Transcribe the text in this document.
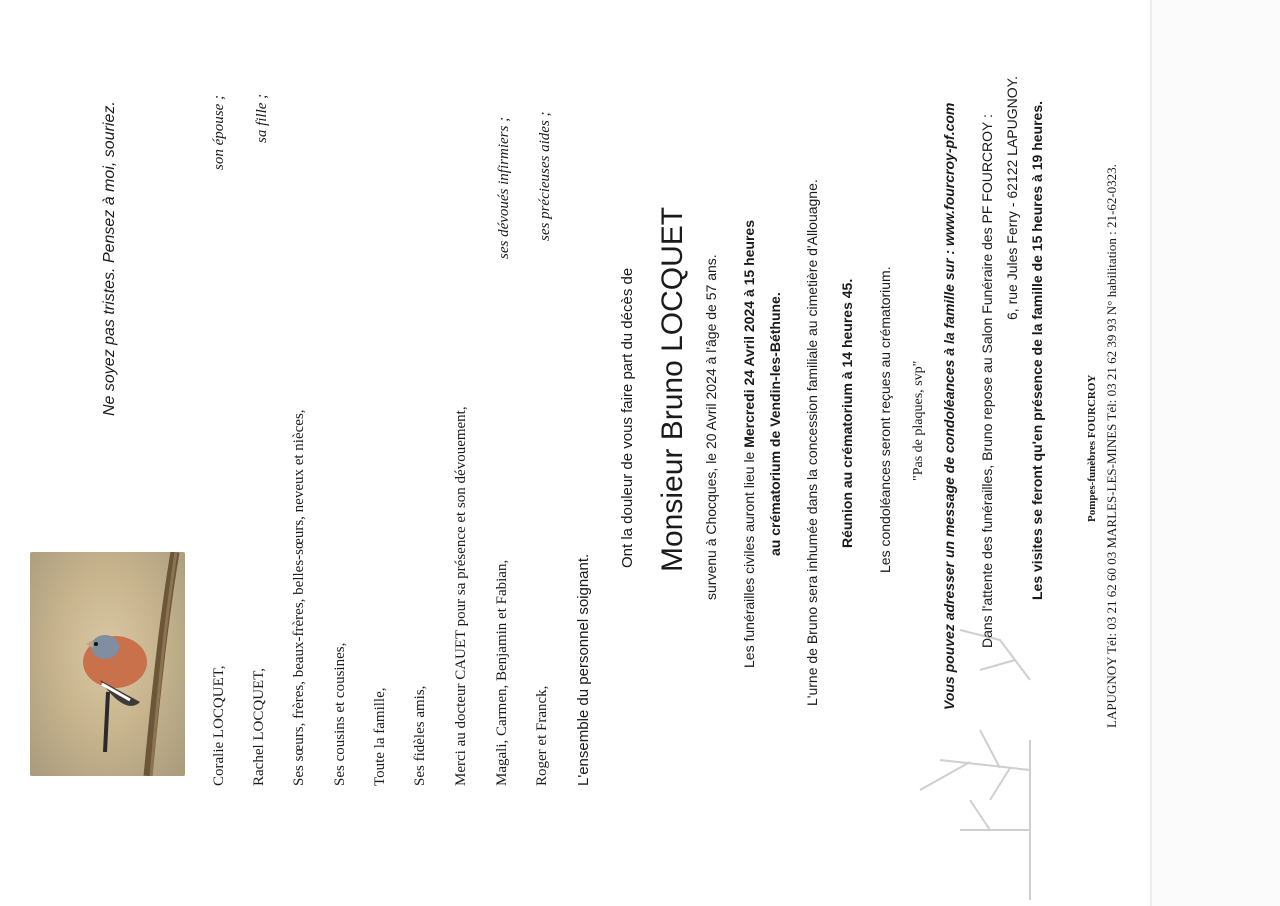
Ne soyez pas tristes. Pensez à moi, souriez.
Coralie LOCQUET,
son épouse ;
Rachel LOCQUET,
sa fille ;
Ses sœurs, frères, beaux-frères, belles-sœurs, neveux et nièces, Ses cousins et cousines, Toute la famille, Ses fidèles amis, Merci au docteur CAUET pour sa présence et son dévouement, Magali, Carmen, Benjamin et Fabian,
ses dévoués infirmiers ;
Roger et Franck,
ses précieuses aides ;
L'ensemble du personnel soignant.
Ont la douleur de vous faire part du décès de Monsieur Bruno LOCQUET survenu à Chocques, le 20 Avril 2024 à l'âge de 57 ans. Les funérailles civiles auront lieu le Mercredi 24 Avril 2024 à 15 heures au crématorium de Vendin-les-Béthune. L'urne de Bruno sera inhumée dans la concession familiale au cimetière d'Allouagne. Réunion au crématorium à 14 heures 45. Les condoléances seront reçues au crématorium. "Pas de plaques, svp" Vous pouvez adresser un message de condoléances à la famille sur : www.fourcroy-pf.com Dans l'attente des funérailles, Bruno repose au Salon Funéraire des PF FOURCROY : 6, rue Jules Ferry - 62122 LAPUGNOY. Les visites se feront qu'en présence de la famille de 15 heures à 19 heures.	Pompes-funèbres FOURCROY LAPUGNOY Tél: 03 21 62 60 03 MARLES-LES-MINES Tél: 03 21 62 39 93 N° habilitation : 21-62-0323.
